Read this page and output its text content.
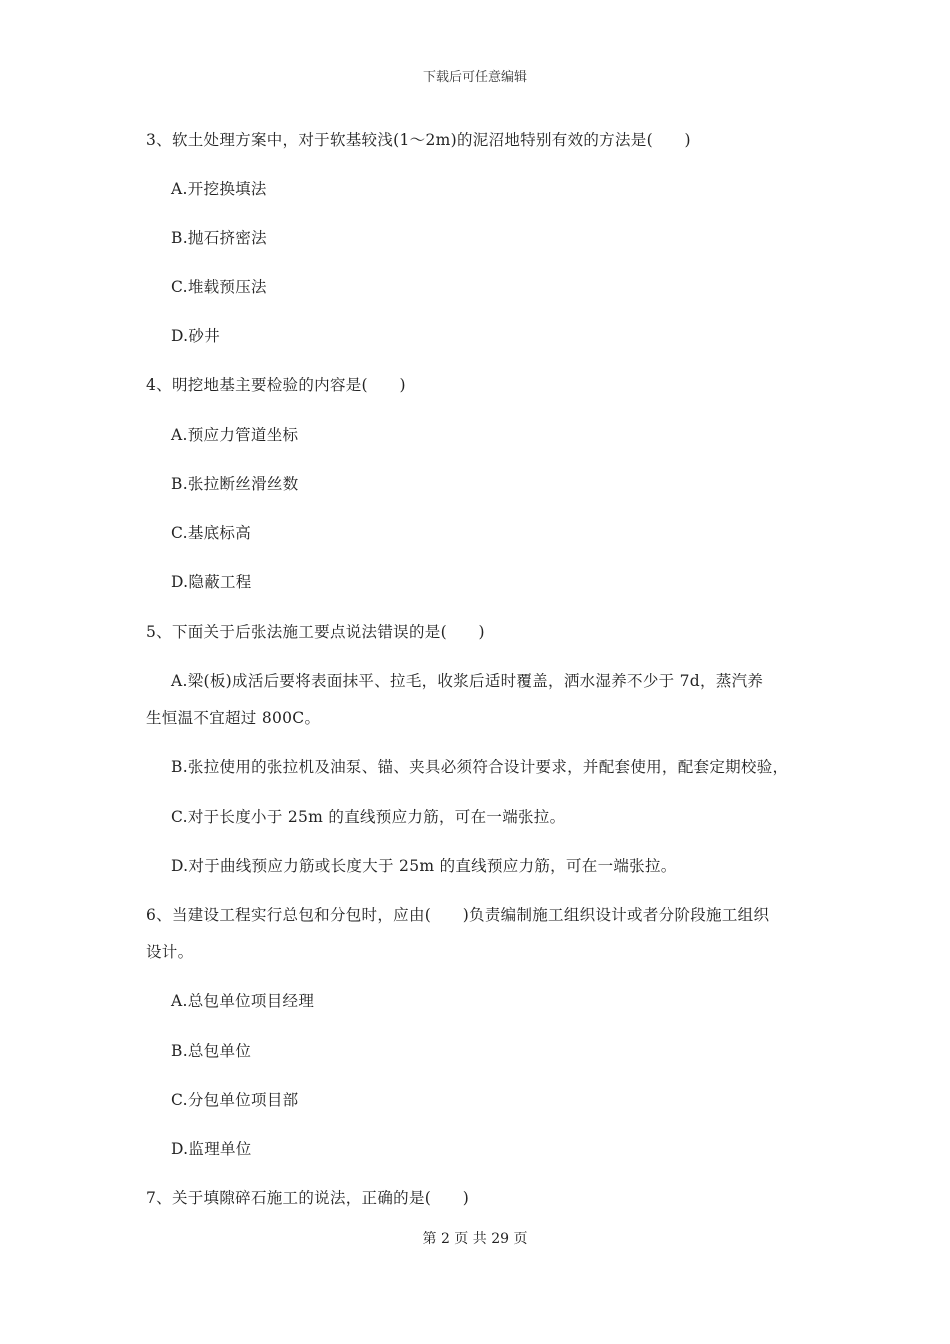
下载后可任意编辑
3、软土处理方案中，对于软基较浅(1～2m)的泥沼地特别有效的方法是(　　)
A.开挖换填法
B.抛石挤密法
C.堆载预压法
D.砂井
4、明挖地基主要检验的内容是(　　)
A.预应力管道坐标
B.张拉断丝滑丝数
C.基底标高
D.隐蔽工程
5、下面关于后张法施工要点说法错误的是(　　)
A.梁(板)成活后要将表面抹平、拉毛，收浆后适时覆盖，洒水湿养不少于 7d，蒸汽养
生恒温不宜超过 800C。
B.张拉使用的张拉机及油泵、锚、夹具必须符合设计要求，并配套使用，配套定期校验，
C.对于长度小于 25m 的直线预应力筋，可在一端张拉。
D.对于曲线预应力筋或长度大于 25m 的直线预应力筋，可在一端张拉。
6、当建设工程实行总包和分包时，应由(　　)负责编制施工组织设计或者分阶段施工组织
设计。
A.总包单位项目经理
B.总包单位
C.分包单位项目部
D.监理单位
7、关于填隙碎石施工的说法，正确的是(　　)
第 2 页 共 29 页
